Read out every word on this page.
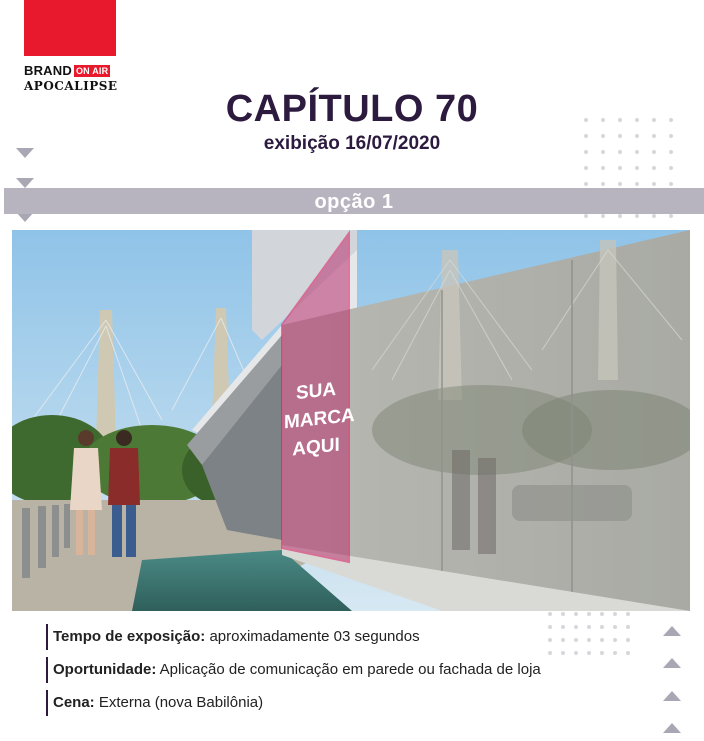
BRAND ON AIR
APOCALIPSE
CAPÍTULO 70
exibição 16/07/2020
opção 1
SUA
MARCA
AQUI
Tempo de exposição: aproximadamente 03 segundos
Oportunidade: Aplicação de comunicação em parede ou fachada de loja
Cena: Externa (nova Babilônia)
